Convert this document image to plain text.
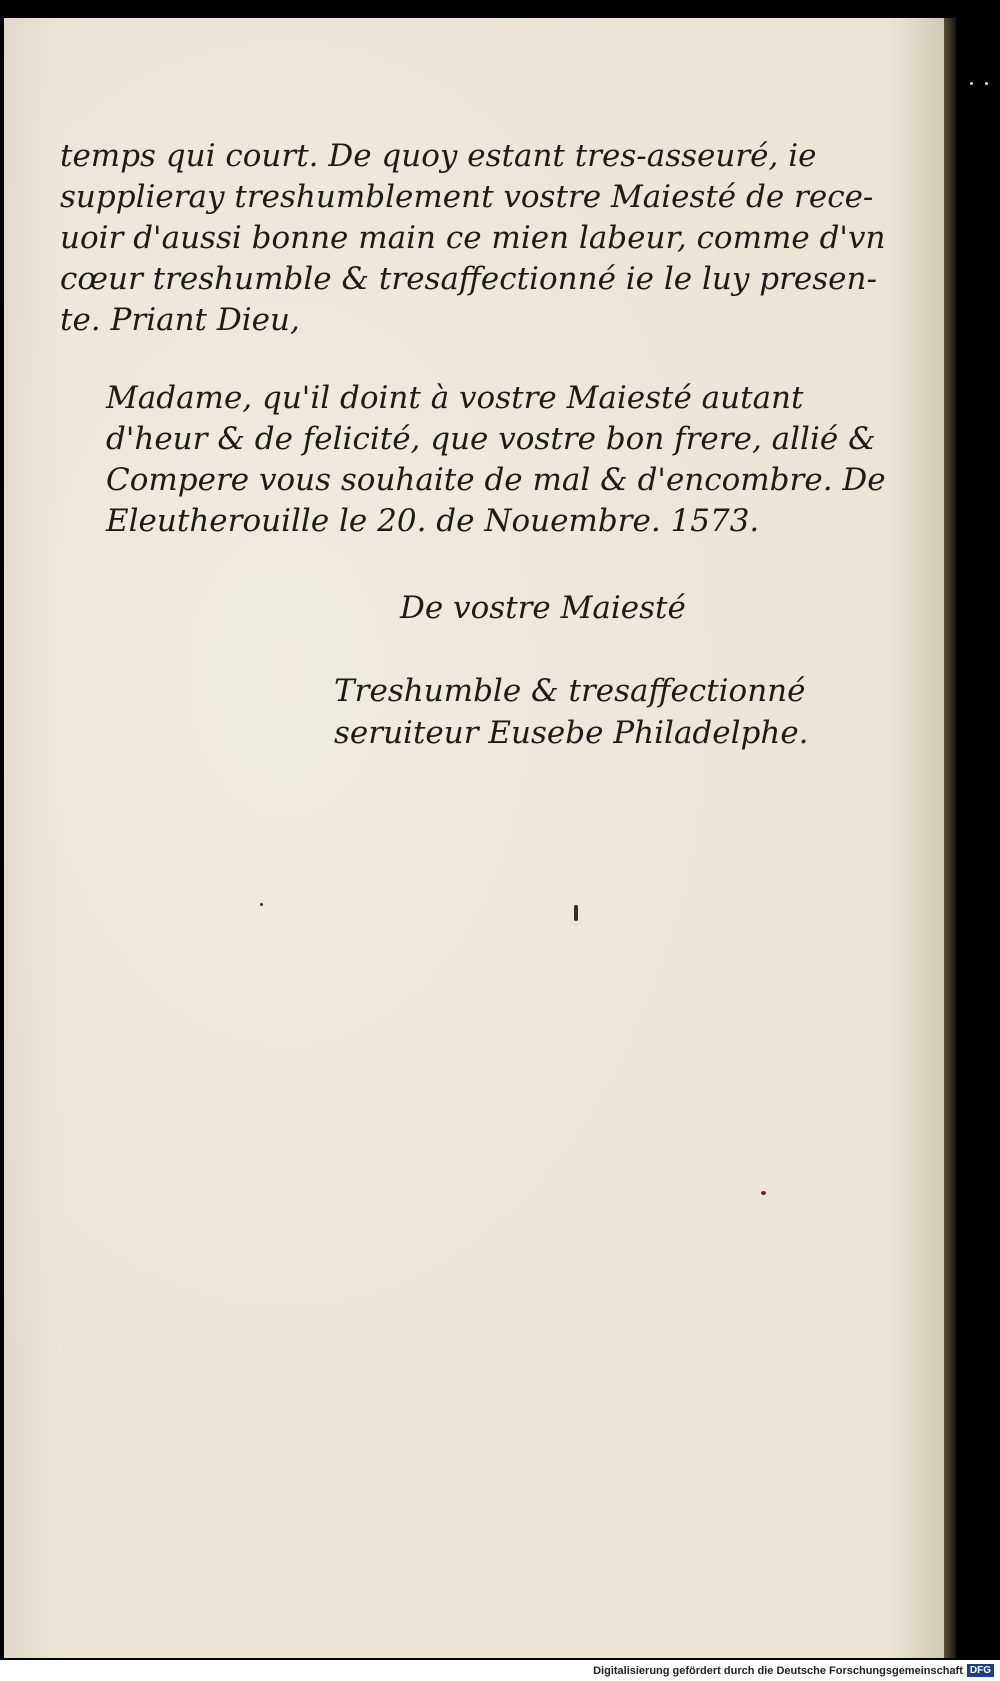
temps qui court. De quoy estant tres-asseuré, ie
supplieray treshumblement vostre Maiesté de rece-
uoir d'aussi bonne main ce mien labeur, comme d'vn
cœur treshumble & tresaffectionné ie le luy presen-
te. Priant Dieu,
Madame, qu'il doint à vostre Maiesté autant
d'heur & de felicité, que vostre bon frere, allié &
Compere vous souhaite de mal & d'encombre. De
Eleutherouille le 20. de Nouembre. 1573.
De vostre Maiesté
Treshumble & tresaffectionné
seruiteur Eusebe Philadelphe.
Digitalisierung gefördert durch die Deutsche Forschungsgemeinschaft DFG
